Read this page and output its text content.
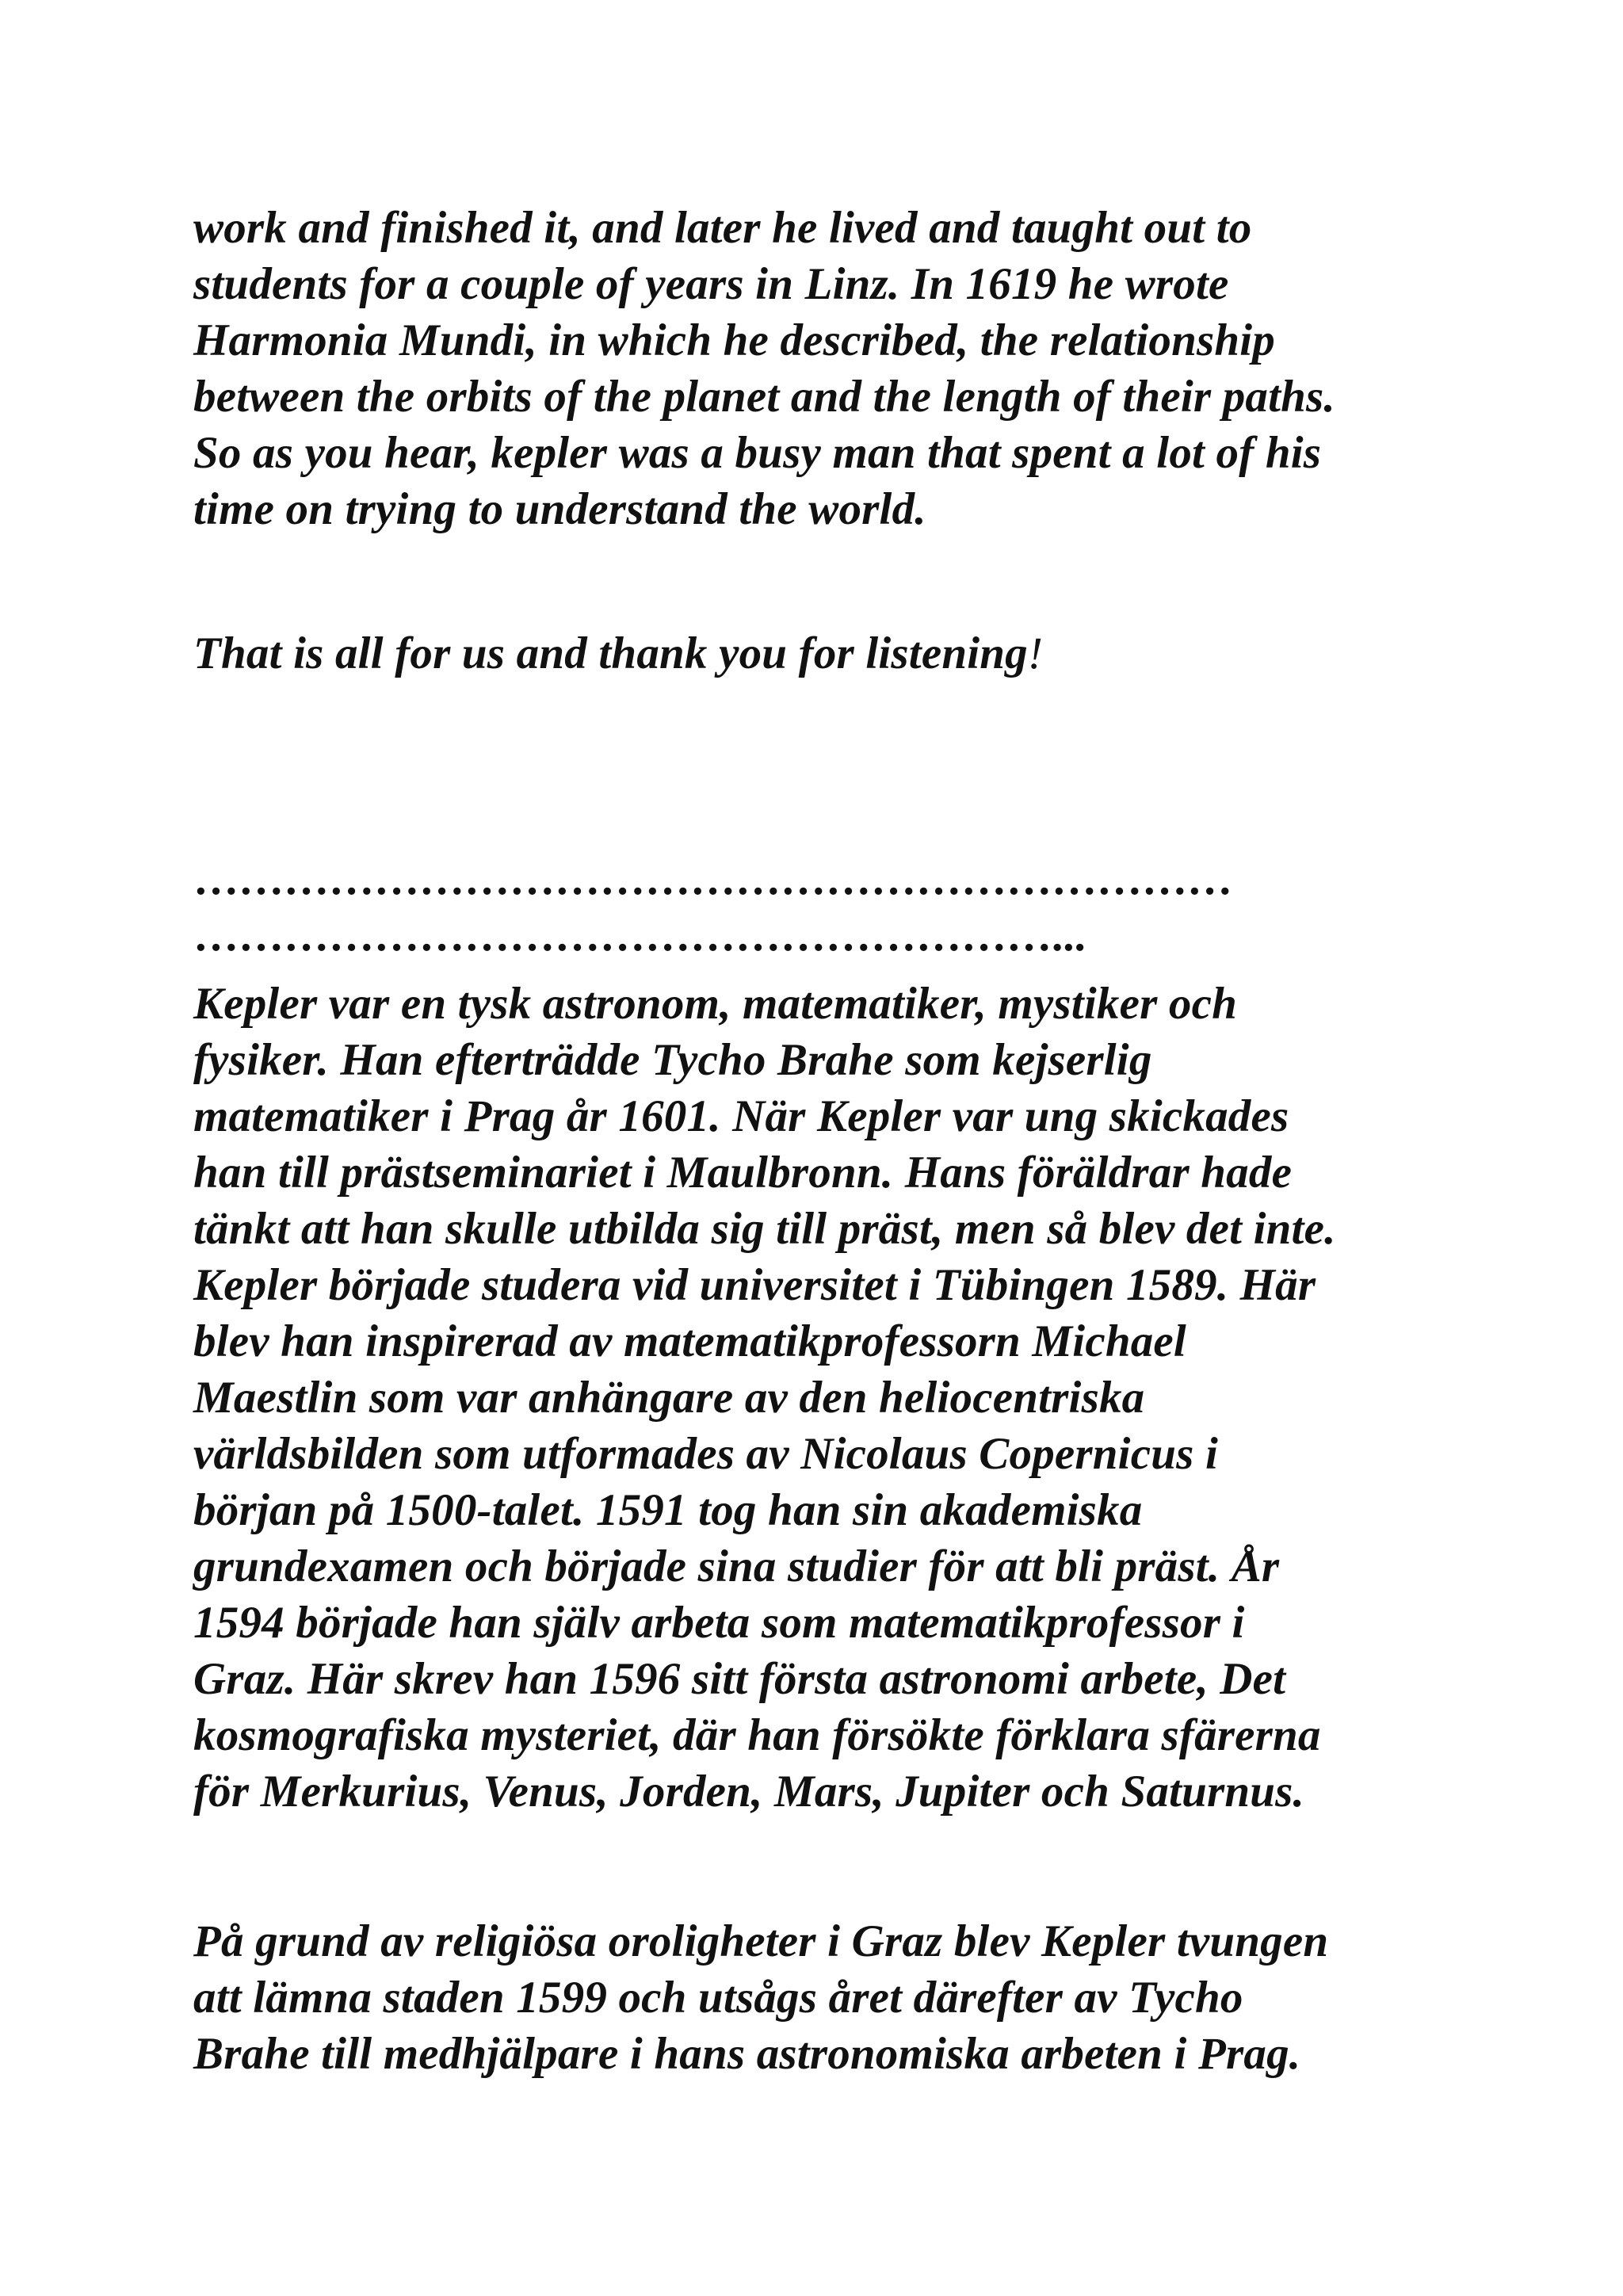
work and finished it, and later he lived and taught out to
students for a couple of years in Linz. In 1619 he wrote
Harmonia Mundi, in which he described, the relationship
between the orbits of the planet and the length of their paths.
So as you hear, kepler was a busy man that spent a lot of his
time on trying to understand the world.

That is all for us and thank you for listening!

……………………………………………………………
…………………………………………………...

Kepler var en tysk astronom, matematiker, mystiker och
fysiker. Han efterträdde Tycho Brahe som kejserlig
matematiker i Prag år 1601. När Kepler var ung skickades
han till prästseminariet i Maulbronn. Hans föräldrar hade
tänkt att han skulle utbilda sig till präst, men så blev det inte.
Kepler började studera vid universitet i Tübingen 1589. Här
blev han inspirerad av matematikprofessorn Michael
Maestlin som var anhängare av den heliocentriska
världsbilden som utformades av Nicolaus Copernicus i
början på 1500-talet. 1591 tog han sin akademiska
grundexamen och började sina studier för att bli präst. År
1594 började han själv arbeta som matematikprofessor i
Graz. Här skrev han 1596 sitt första astronomi arbete, Det
kosmografiska mysteriet, där han försökte förklara sfärerna
för Merkurius, Venus, Jorden, Mars, Jupiter och Saturnus.

På grund av religiösa oroligheter i Graz blev Kepler tvungen
att lämna staden 1599 och utsågs året därefter av Tycho
Brahe till medhjälpare i hans astronomiska arbeten i Prag.
